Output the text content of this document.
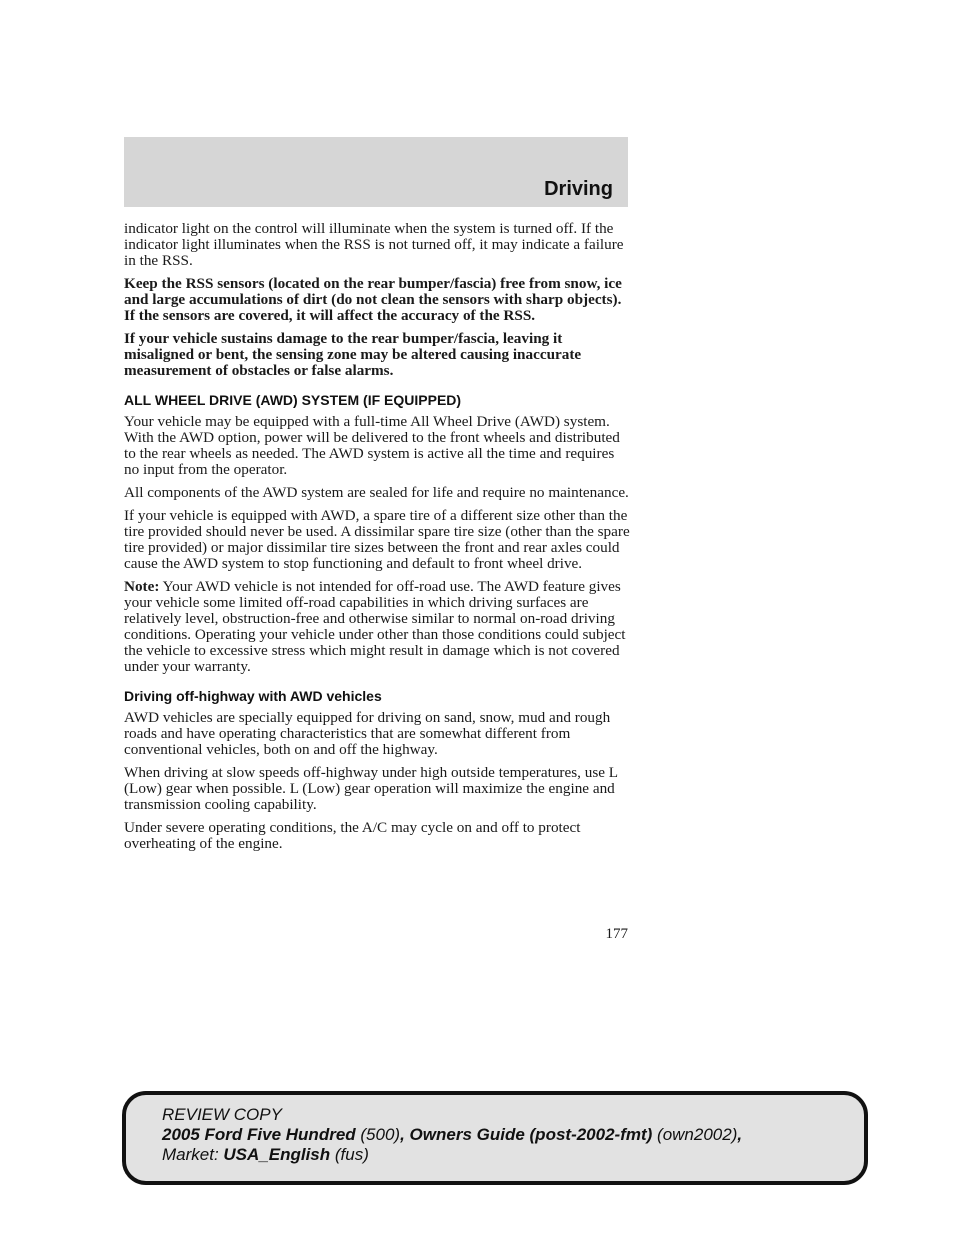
Driving

indicator light on the control will illuminate when the system is turned off. If the indicator light illuminates when the RSS is not turned off, it may indicate a failure in the RSS.

Keep the RSS sensors (located on the rear bumper/fascia) free from snow, ice and large accumulations of dirt (do not clean the sensors with sharp objects). If the sensors are covered, it will affect the accuracy of the RSS.

If your vehicle sustains damage to the rear bumper/fascia, leaving it misaligned or bent, the sensing zone may be altered causing inaccurate measurement of obstacles or false alarms.

ALL WHEEL DRIVE (AWD) SYSTEM (IF EQUIPPED)

Your vehicle may be equipped with a full-time All Wheel Drive (AWD) system. With the AWD option, power will be delivered to the front wheels and distributed to the rear wheels as needed. The AWD system is active all the time and requires no input from the operator.

All components of the AWD system are sealed for life and require no maintenance.

If your vehicle is equipped with AWD, a spare tire of a different size other than the tire provided should never be used. A dissimilar spare tire size (other than the spare tire provided) or major dissimilar tire sizes between the front and rear axles could cause the AWD system to stop functioning and default to front wheel drive.

Note: Your AWD vehicle is not intended for off-road use. The AWD feature gives your vehicle some limited off-road capabilities in which driving surfaces are relatively level, obstruction-free and otherwise similar to normal on-road driving conditions. Operating your vehicle under other than those conditions could subject the vehicle to excessive stress which might result in damage which is not covered under your warranty.

Driving off-highway with AWD vehicles

AWD vehicles are specially equipped for driving on sand, snow, mud and rough roads and have operating characteristics that are somewhat different from conventional vehicles, both on and off the highway.

When driving at slow speeds off-highway under high outside temperatures, use L (Low) gear when possible. L (Low) gear operation will maximize the engine and transmission cooling capability.

Under severe operating conditions, the A/C may cycle on and off to protect overheating of the engine.

177
REVIEW COPY
2005 Ford Five Hundred (500), Owners Guide (post-2002-fmt) (own2002),
Market: USA_English (fus)
